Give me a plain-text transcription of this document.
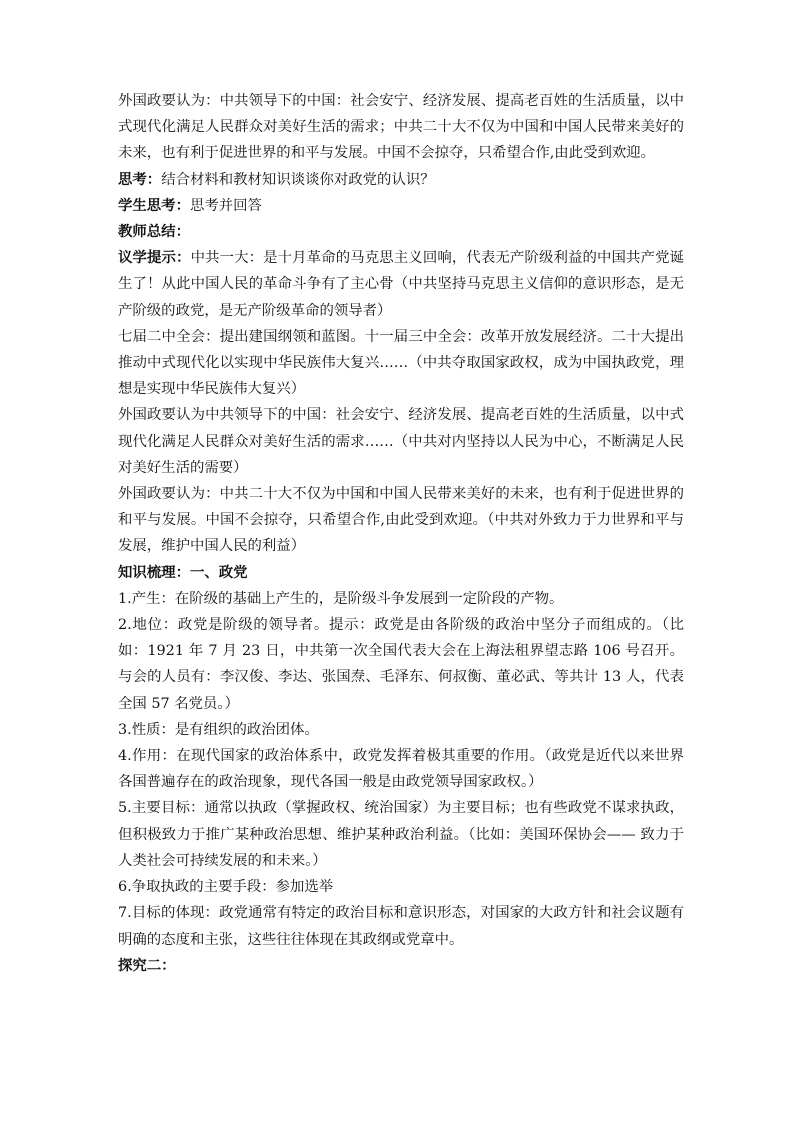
外国政要认为：中共领导下的中国：社会安宁、经济发展、提高老百姓的生活质量，以中式现代化满足人民群众对美好生活的需求；中共二十大不仅为中国和中国人民带来美好的未来，也有利于促进世界的和平与发展。中国不会掠夺，只希望合作,由此受到欢迎。

思考：结合材料和教材知识谈谈你对政党的认识？

学生思考：思考并回答

教师总结：

议学提示：中共一大：是十月革命的马克思主义回响，代表无产阶级利益的中国共产党诞生了！从此中国人民的革命斗争有了主心骨（中共坚持马克思主义信仰的意识形态，是无产阶级的政党，是无产阶级革命的领导者）

七届二中全会：提出建国纲领和蓝图。十一届三中全会：改革开放发展经济。二十大提出推动中式现代化以实现中华民族伟大复兴……（中共夺取国家政权，成为中国执政党，理想是实现中华民族伟大复兴）

外国政要认为中共领导下的中国：社会安宁、经济发展、提高老百姓的生活质量，以中式现代化满足人民群众对美好生活的需求……（中共对内坚持以人民为中心，不断满足人民对美好生活的需要）

外国政要认为：中共二十大不仅为中国和中国人民带来美好的未来，也有利于促进世界的和平与发展。中国不会掠夺，只希望合作,由此受到欢迎。（中共对外致力于力世界和平与发展，维护中国人民的利益）

知识梳理：一、政党

1.产生：在阶级的基础上产生的，是阶级斗争发展到一定阶段的产物。

2.地位：政党是阶级的领导者。提示：政党是由各阶级的政治中坚分子而组成的。（比如：1921 年 7 月 23 日，中共第一次全国代表大会在上海法租界望志路 106 号召开。与会的人员有：李汉俊、李达、张国焘、毛泽东、何叔衡、董必武、等共计 13 人，代表全国 57 名党员。）

3.性质：是有组织的政治团体。

4.作用：在现代国家的政治体系中，政党发挥着极其重要的作用。（政党是近代以来世界各国普遍存在的政治现象，现代各国一般是由政党领导国家政权。）

5.主要目标：通常以执政（掌握政权、统治国家）为主要目标；也有些政党不谋求执政，但积极致力于推广某种政治思想、维护某种政治利益。（比如：美国环保协会—— 致力于人类社会可持续发展的和未来。）

6.争取执政的主要手段：参加选举

7.目标的体现：政党通常有特定的政治目标和意识形态，对国家的大政方针和社会议题有明确的态度和主张，这些往往体现在其政纲或党章中。

探究二：
